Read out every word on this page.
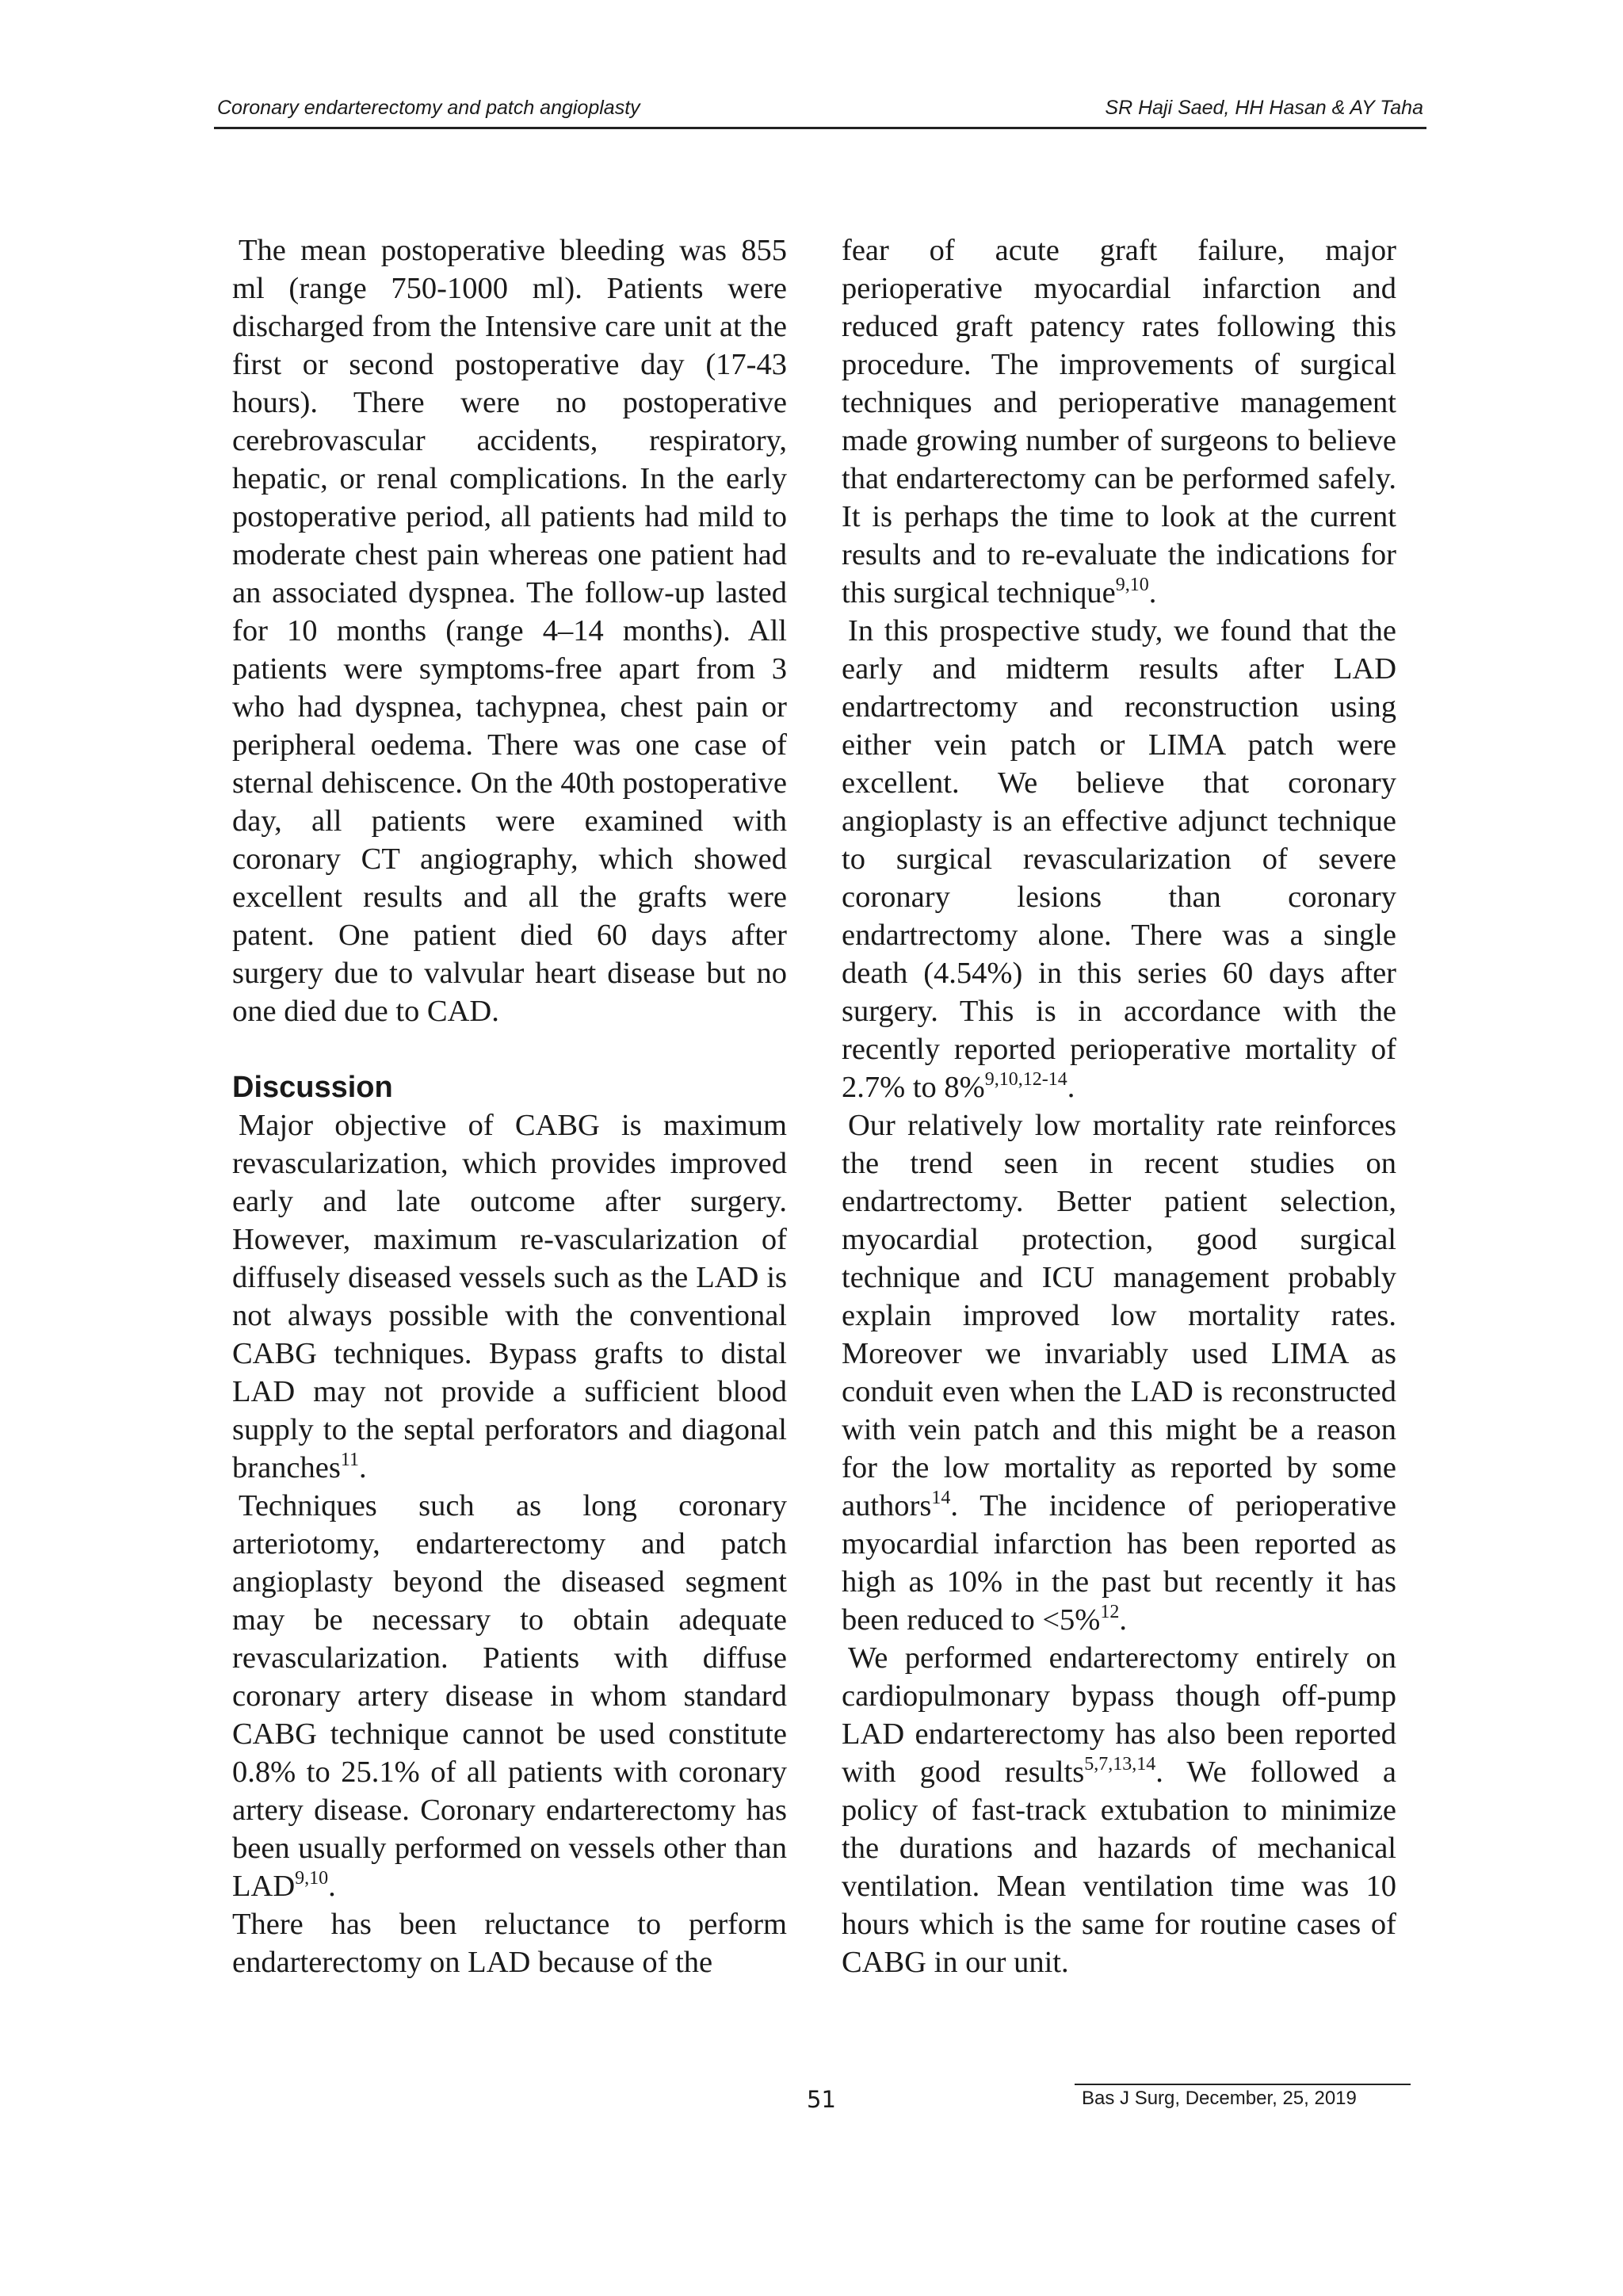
Coronary endarterectomy and patch angioplasty	SR Haji Saed, HH Hasan & AY Taha

The mean postoperative bleeding was 855 ml (range 750-1000 ml). Patients were discharged from the Intensive care unit at the first or second postoperative day (17-43 hours). There were no postoperative cerebrovascular accidents, respiratory, hepatic, or renal complications. In the early postoperative period, all patients had mild to moderate chest pain whereas one patient had an associated dyspnea. The follow-up lasted for 10 months (range 4–14 months). All patients were symptoms-free apart from 3 who had dyspnea, tachypnea, chest pain or peripheral oedema. There was one case of sternal dehiscence. On the 40th postoperative day, all patients were examined with coronary CT angiography, which showed excellent results and all the grafts were patent. One patient died 60 days after surgery due to valvular heart disease but no one died due to CAD.

Discussion

Major objective of CABG is maximum revascularization, which provides improved early and late outcome after surgery. However, maximum re-vascularization of diffusely diseased vessels such as the LAD is not always possible with the conventional CABG techniques. Bypass grafts to distal LAD may not provide a sufficient blood supply to the septal perforators and diagonal branches$^{11}$.

Techniques such as long coronary arteriotomy, endarterectomy and patch angioplasty beyond the diseased segment may be necessary to obtain adequate revascularization. Patients with diffuse coronary artery disease in whom standard CABG technique cannot be used constitute 0.8% to 25.1% of all patients with coronary artery disease. Coronary endarterectomy has been usually performed on vessels other than LAD$^{9,10}$.

There has been reluctance to perform endarterectomy on LAD because of the

fear of acute graft failure, major perioperative myocardial infarction and reduced graft patency rates following this procedure. The improvements of surgical techniques and perioperative management made growing number of surgeons to believe that endarterectomy can be performed safely. It is perhaps the time to look at the current results and to re-evaluate the indications for this surgical technique$^{9,10}$.

In this prospective study, we found that the early and midterm results after LAD endartrectomy and reconstruction using either vein patch or LIMA patch were excellent. We believe that coronary angioplasty is an effective adjunct technique to surgical revascularization of severe coronary lesions than coronary endartrectomy alone. There was a single death (4.54%) in this series 60 days after surgery. This is in accordance with the recently reported perioperative mortality of 2.7% to 8%$^{9,10,12-14}$.

Our relatively low mortality rate reinforces the trend seen in recent studies on endartrectomy. Better patient selection, myocardial protection, good surgical technique and ICU management probably explain improved low mortality rates. Moreover we invariably used LIMA as conduit even when the LAD is reconstructed with vein patch and this might be a reason for the low mortality as reported by some authors$^{14}$. The incidence of perioperative myocardial infarction has been reported as high as 10% in the past but recently it has been reduced to <5%$^{12}$.

We performed endarterectomy entirely on cardiopulmonary bypass though off-pump LAD endarterectomy has also been reported with good results$^{5,7,13,14}$. We followed a policy of fast-track extubation to minimize the durations and hazards of mechanical ventilation. Mean ventilation time was 10 hours which is the same for routine cases of CABG in our unit.

51	Bas J Surg, December, 25, 2019
